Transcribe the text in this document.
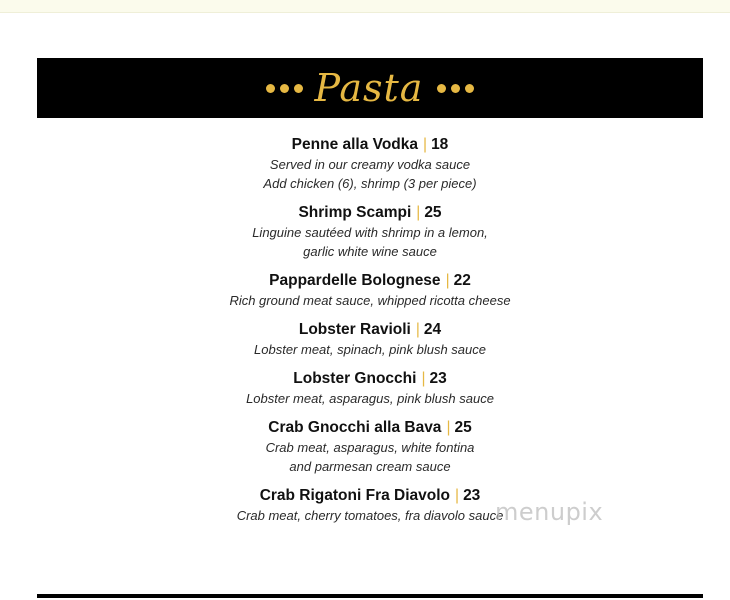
Pasta
Penne alla Vodka | 18
Served in our creamy vodka sauce
Add chicken (6), shrimp (3 per piece)
Shrimp Scampi | 25
Linguine sautéed with shrimp in a lemon,
garlic white wine sauce
Pappardelle Bolognese | 22
Rich ground meat sauce, whipped ricotta cheese
Lobster Ravioli | 24
Lobster meat, spinach, pink blush sauce
Lobster Gnocchi | 23
Lobster meat, asparagus, pink blush sauce
Crab Gnocchi alla Bava | 25
Crab meat, asparagus, white fontina
and parmesan cream sauce
Crab Rigatoni Fra Diavolo | 23
Crab meat, cherry tomatoes, fra diavolo sauce
menupix
